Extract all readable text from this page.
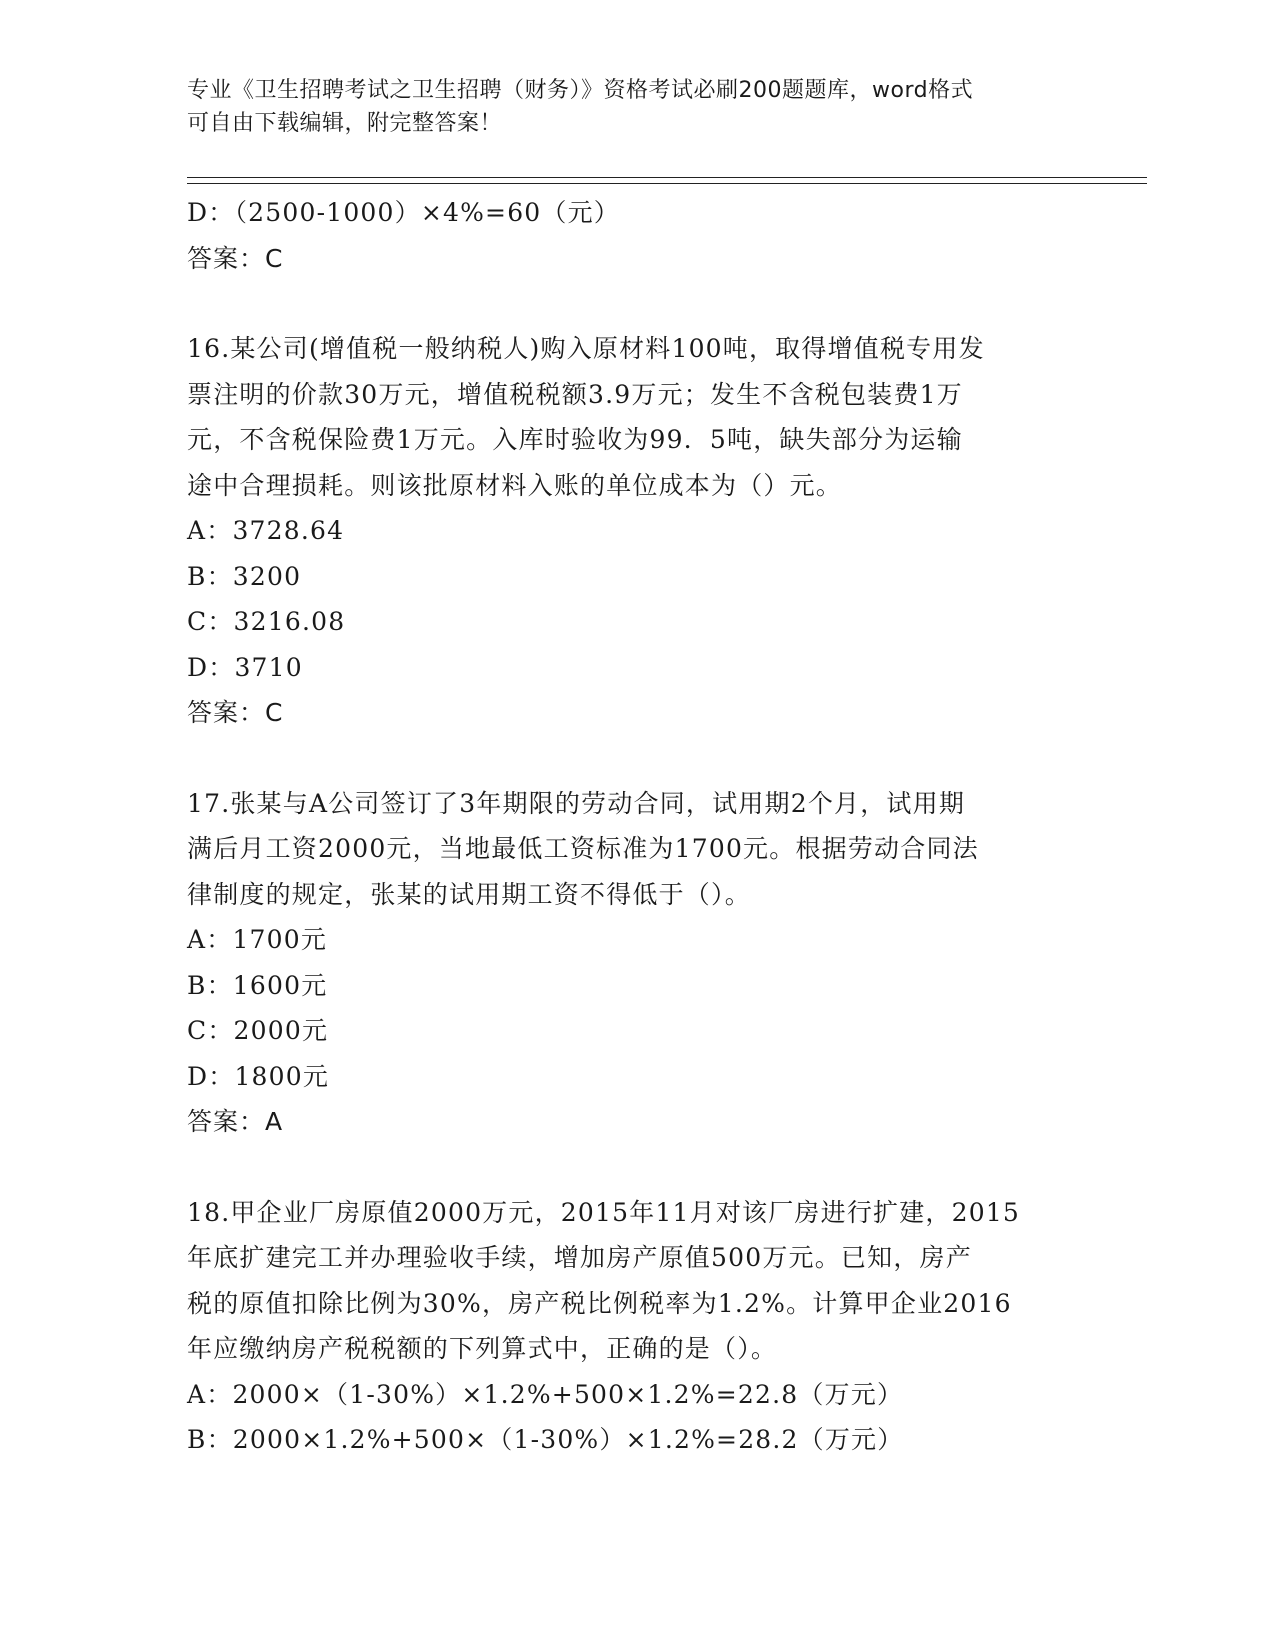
专业《卫生招聘考试之卫生招聘（财务）》资格考试必刷200题题库，word格式
可自由下载编辑，附完整答案！
D：（2500-1000）×4%=60（元）
答案：C
16.某公司(增值税一般纳税人)购入原材料100吨，取得增值税专用发
票注明的价款30万元，增值税税额3.9万元；发生不含税包装费1万
元，不含税保险费1万元。入库时验收为99．5吨，缺失部分为运输
途中合理损耗。则该批原材料入账的单位成本为（）元。
A：3728.64
B：3200
C：3216.08
D：3710
答案：C
17.张某与A公司签订了3年期限的劳动合同，试用期2个月，试用期
满后月工资2000元，当地最低工资标准为1700元。根据劳动合同法
律制度的规定，张某的试用期工资不得低于（）。
A：1700元
B：1600元
C：2000元
D：1800元
答案：A
18.甲企业厂房原值2000万元，2015年11月对该厂房进行扩建，2015
年底扩建完工并办理验收手续，增加房产原值500万元。已知，房产
税的原值扣除比例为30%，房产税比例税率为1.2%。计算甲企业2016
年应缴纳房产税税额的下列算式中，正确的是（）。
A：2000×（1-30%）×1.2%+500×1.2%=22.8（万元）
B：2000×1.2%+500×（1-30%）×1.2%=28.2（万元）
